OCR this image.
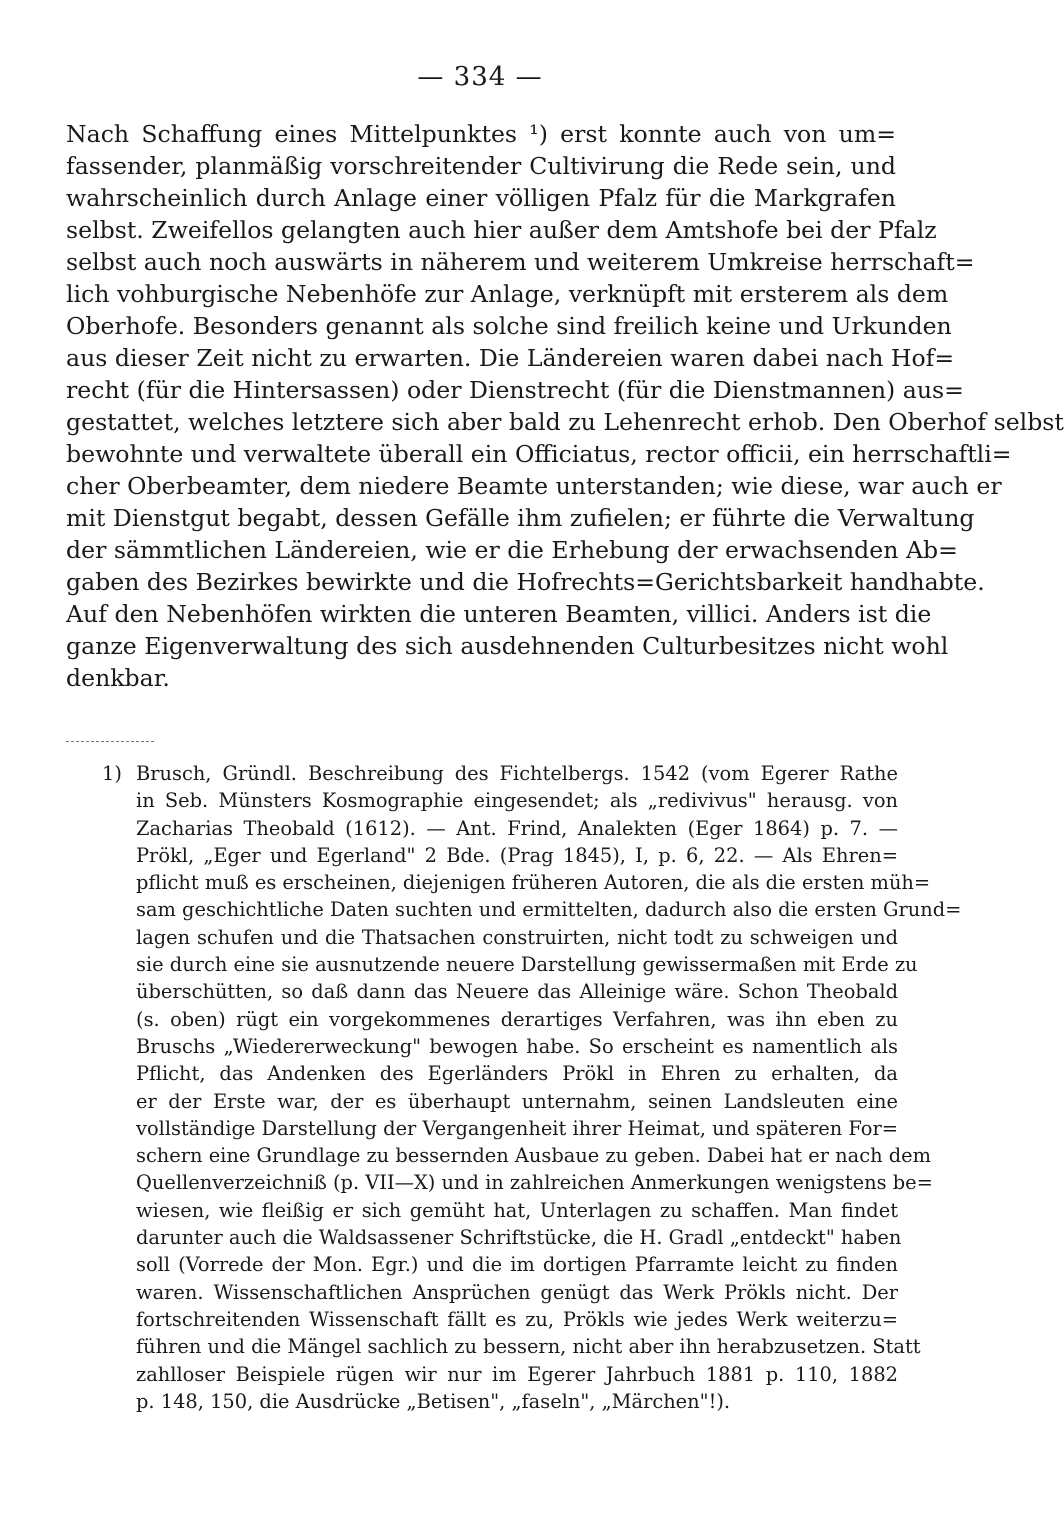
— 334 —
Nach Schaffung eines Mittelpunktes ¹) erst konnte auch von um=
fassender, planmäßig vorschreitender Cultivirung die Rede sein, und
wahrscheinlich durch Anlage einer völligen Pfalz für die Markgrafen
selbst. Zweifellos gelangten auch hier außer dem Amtshofe bei der Pfalz
selbst auch noch auswärts in näherem und weiterem Umkreise herrschaft=
lich vohburgische Nebenhöfe zur Anlage, verknüpft mit ersterem als dem
Oberhofe. Besonders genannt als solche sind freilich keine und Urkunden
aus dieser Zeit nicht zu erwarten. Die Ländereien waren dabei nach Hof=
recht (für die Hintersassen) oder Dienstrecht (für die Dienstmannen) aus=
gestattet, welches letztere sich aber bald zu Lehenrecht erhob. Den Oberhof selbst
bewohnte und verwaltete überall ein Officiatus, rector officii, ein herrschaftli=
cher Oberbeamter, dem niedere Beamte unterstanden; wie diese, war auch er
mit Dienstgut begabt, dessen Gefälle ihm zufielen; er führte die Verwaltung
der sämmtlichen Ländereien, wie er die Erhebung der erwachsenden Ab=
gaben des Bezirkes bewirkte und die Hofrechts=Gerichtsbarkeit handhabte.
Auf den Nebenhöfen wirkten die unteren Beamten, villici. Anders ist die
ganze Eigenverwaltung des sich ausdehnenden Culturbesitzes nicht wohl
denkbar.
1) Brusch, Gründl. Beschreibung des Fichtelbergs. 1542 (vom Egerer Rathe
in Seb. Münsters Kosmographie eingesendet; als „redivivus" herausg. von
Zacharias Theobald (1612). — Ant. Frind, Analekten (Eger 1864) p. 7. —
Prökl, „Eger und Egerland" 2 Bde. (Prag 1845), I, p. 6, 22. — Als Ehren=
pflicht muß es erscheinen, diejenigen früheren Autoren, die als die ersten müh=
sam geschichtliche Daten suchten und ermittelten, dadurch also die ersten Grund=
lagen schufen und die Thatsachen construirten, nicht todt zu schweigen und
sie durch eine sie ausnutzende neuere Darstellung gewissermaßen mit Erde zu
überschütten, so daß dann das Neuere das Alleinige wäre. Schon Theobald
(s. oben) rügt ein vorgekommenes derartiges Verfahren, was ihn eben zu
Bruschs „Wiedererweckung" bewogen habe. So erscheint es namentlich als
Pflicht, das Andenken des Egerländers Prökl in Ehren zu erhalten, da
er der Erste war, der es überhaupt unternahm, seinen Landsleuten eine
vollständige Darstellung der Vergangenheit ihrer Heimat, und späteren For=
schern eine Grundlage zu bessernden Ausbaue zu geben. Dabei hat er nach dem
Quellenverzeichniß (p. VII—X) und in zahlreichen Anmerkungen wenigstens be=
wiesen, wie fleißig er sich gemüht hat, Unterlagen zu schaffen. Man findet
darunter auch die Waldsassener Schriftstücke, die H. Gradl „entdeckt" haben
soll (Vorrede der Mon. Egr.) und die im dortigen Pfarramte leicht zu finden
waren. Wissenschaftlichen Ansprüchen genügt das Werk Prökls nicht. Der
fortschreitenden Wissenschaft fällt es zu, Prökls wie jedes Werk weiterzu=
führen und die Mängel sachlich zu bessern, nicht aber ihn herabzusetzen. Statt
zahlloser Beispiele rügen wir nur im Egerer Jahrbuch 1881 p. 110, 1882
p. 148, 150, die Ausdrücke „Betisen", „faseln", „Märchen"!).
